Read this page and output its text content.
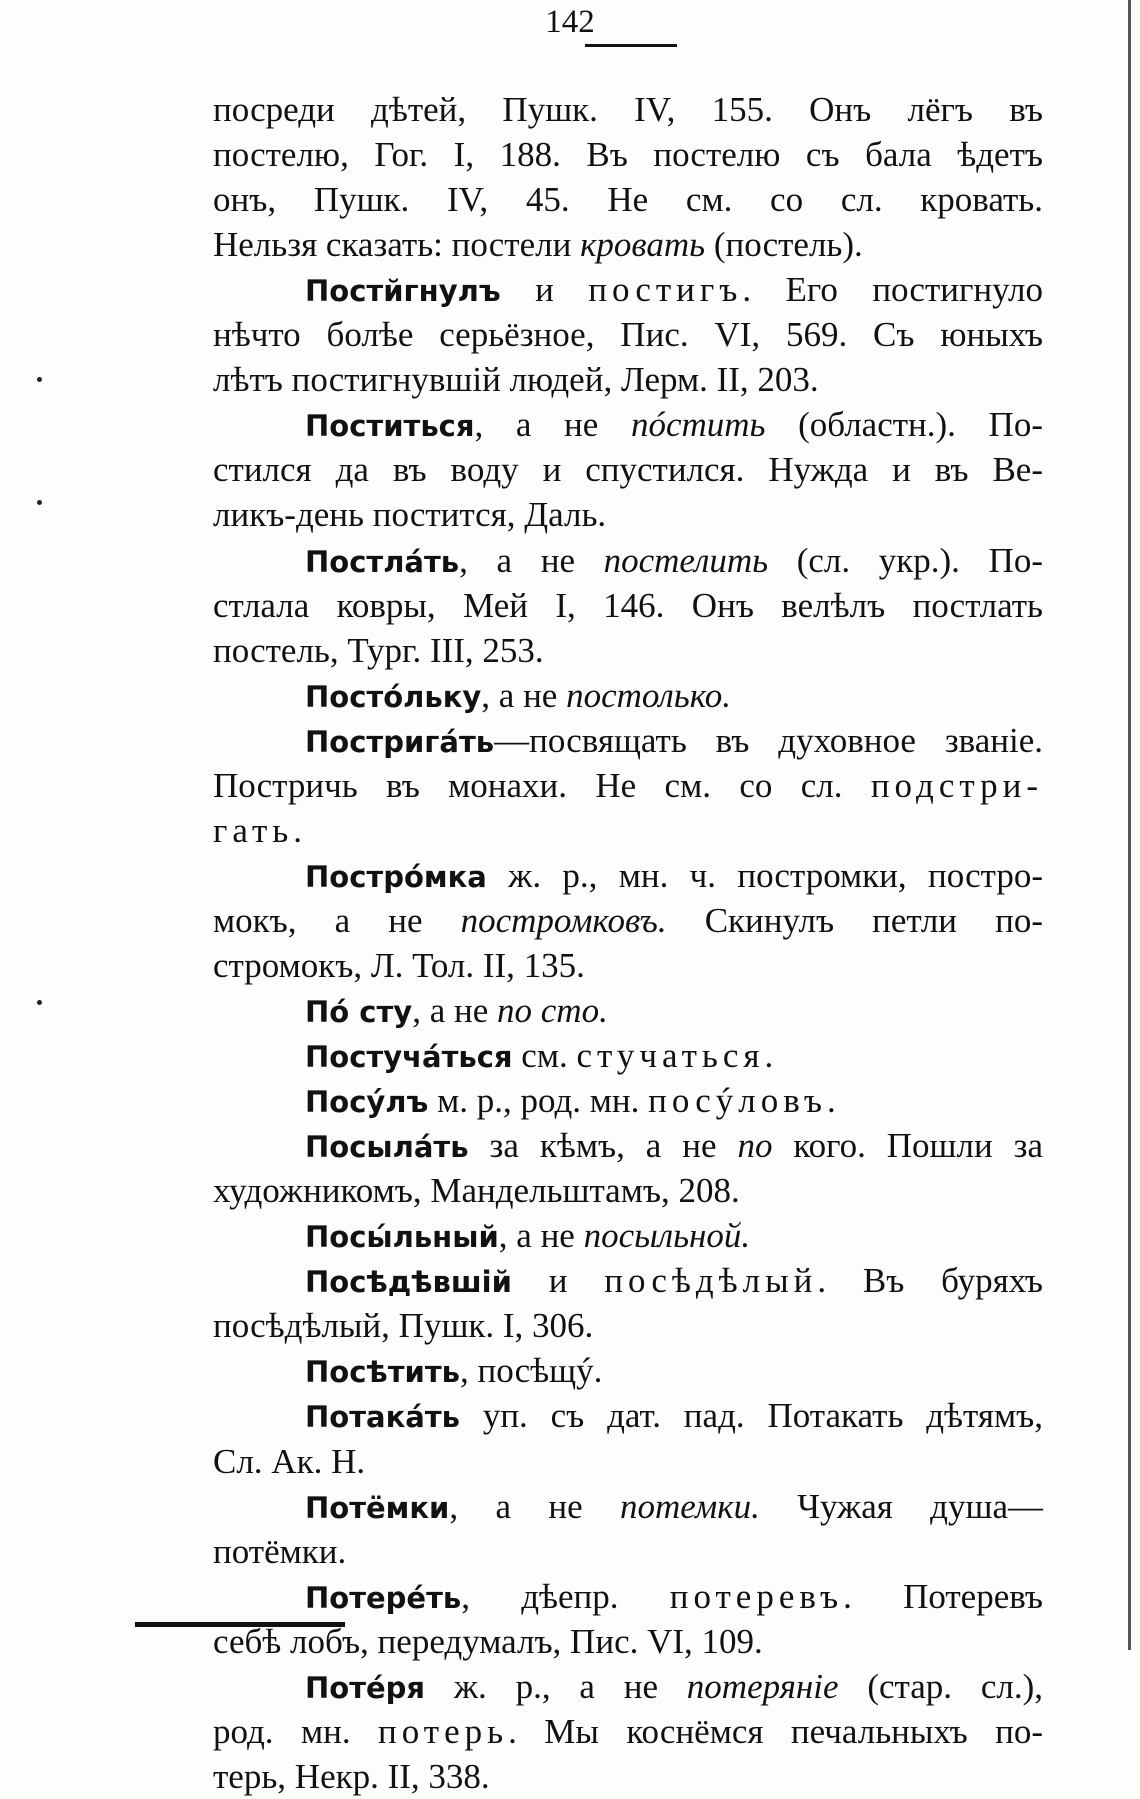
142
посреди дѣтей, Пушк. IV, 155. Онъ лёгъ въ
постелю, Гог. I, 188. Въ постелю съ бала ѣдетъ
онъ, Пушк. IV, 45. Не см. со сл. кровать.
Нельзя сказать: постели кровать (постель).
Постйгнулъ и постигъ. Его постигнуло
нѣчто болѣе серьёзное, Пис. VI, 569. Съ юныхъ
лѣтъ постигнувшій людей, Лерм. II, 203.
Поститься, а не пóстить (областн.). По-
стился да въ воду и спустился. Нужда и въ Ве-
ликъ-день постится, Даль.
Постлáть, а не постелить (сл. укр.). По-
стлала ковры, Мей I, 146. Онъ велѣлъ постлать
постель, Тург. III, 253.
Постóльку, а не постолько.
Постригáть—посвящать въ духовное званіе.
Постричь въ монахи. Не см. со сл. подстри-
гать.
Пострóмка ж. р., мн. ч. постромки, постро-
мокъ, а не постромковъ. Скинулъ петли по-
стромокъ, Л. Тол. II, 135.
Пó сту, а не по сто.
Постучáться см. стучаться.
Посýлъ м. р., род. мн. посýловъ.
Посылáть за кѣмъ, а не по кого. Пошли за
художникомъ, Мандельштамъ, 208.
Посы́льный, а не посыльной.
Посѣдѣвшій и посѣдѣлый. Въ буряхъ
посѣдѣлый, Пушк. I, 306.
Посѣтить, посѣщý.
Потакáть уп. съ дат. пад. Потакать дѣтямъ,
Сл. Ак. Н.
Потёмки, а не потемки. Чужая душа—
потёмки.
Потерéть, дѣепр. потеревъ. Потеревъ
себѣ лобъ, передумалъ, Пис. VI, 109.
Потéря ж. р., а не потеряніе (стар. сл.),
род. мн. потерь. Мы коснёмся печальныхъ по-
терь, Некр. II, 338.
